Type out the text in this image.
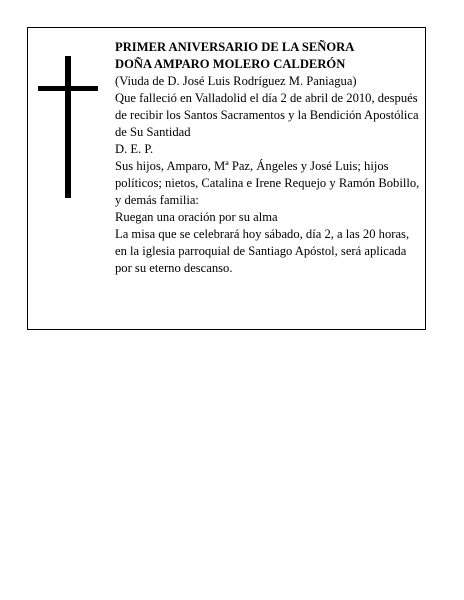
PRIMER ANIVERSARIO DE LA SEÑORA

DOÑA AMPARO MOLERO CALDERÓN

(Viuda de D. José Luis Rodríguez M. Paniagua)

Que falleció en Valladolid el día 2 de abril de 2010, después de recibir los Santos Sacramentos y la Bendición Apostólica de Su Santidad

D. E. P.

Sus hijos, Amparo, Mª Paz, Ángeles y José Luis; hijos políticos; nietos, Catalina e Irene Requejo y Ramón Bobillo, y demás familia:

Ruegan una oración por su alma

La misa que se celebrará hoy sábado, día 2, a las 20 horas, en la iglesia parroquial de Santiago Apóstol, será aplicada por su eterno descanso.
